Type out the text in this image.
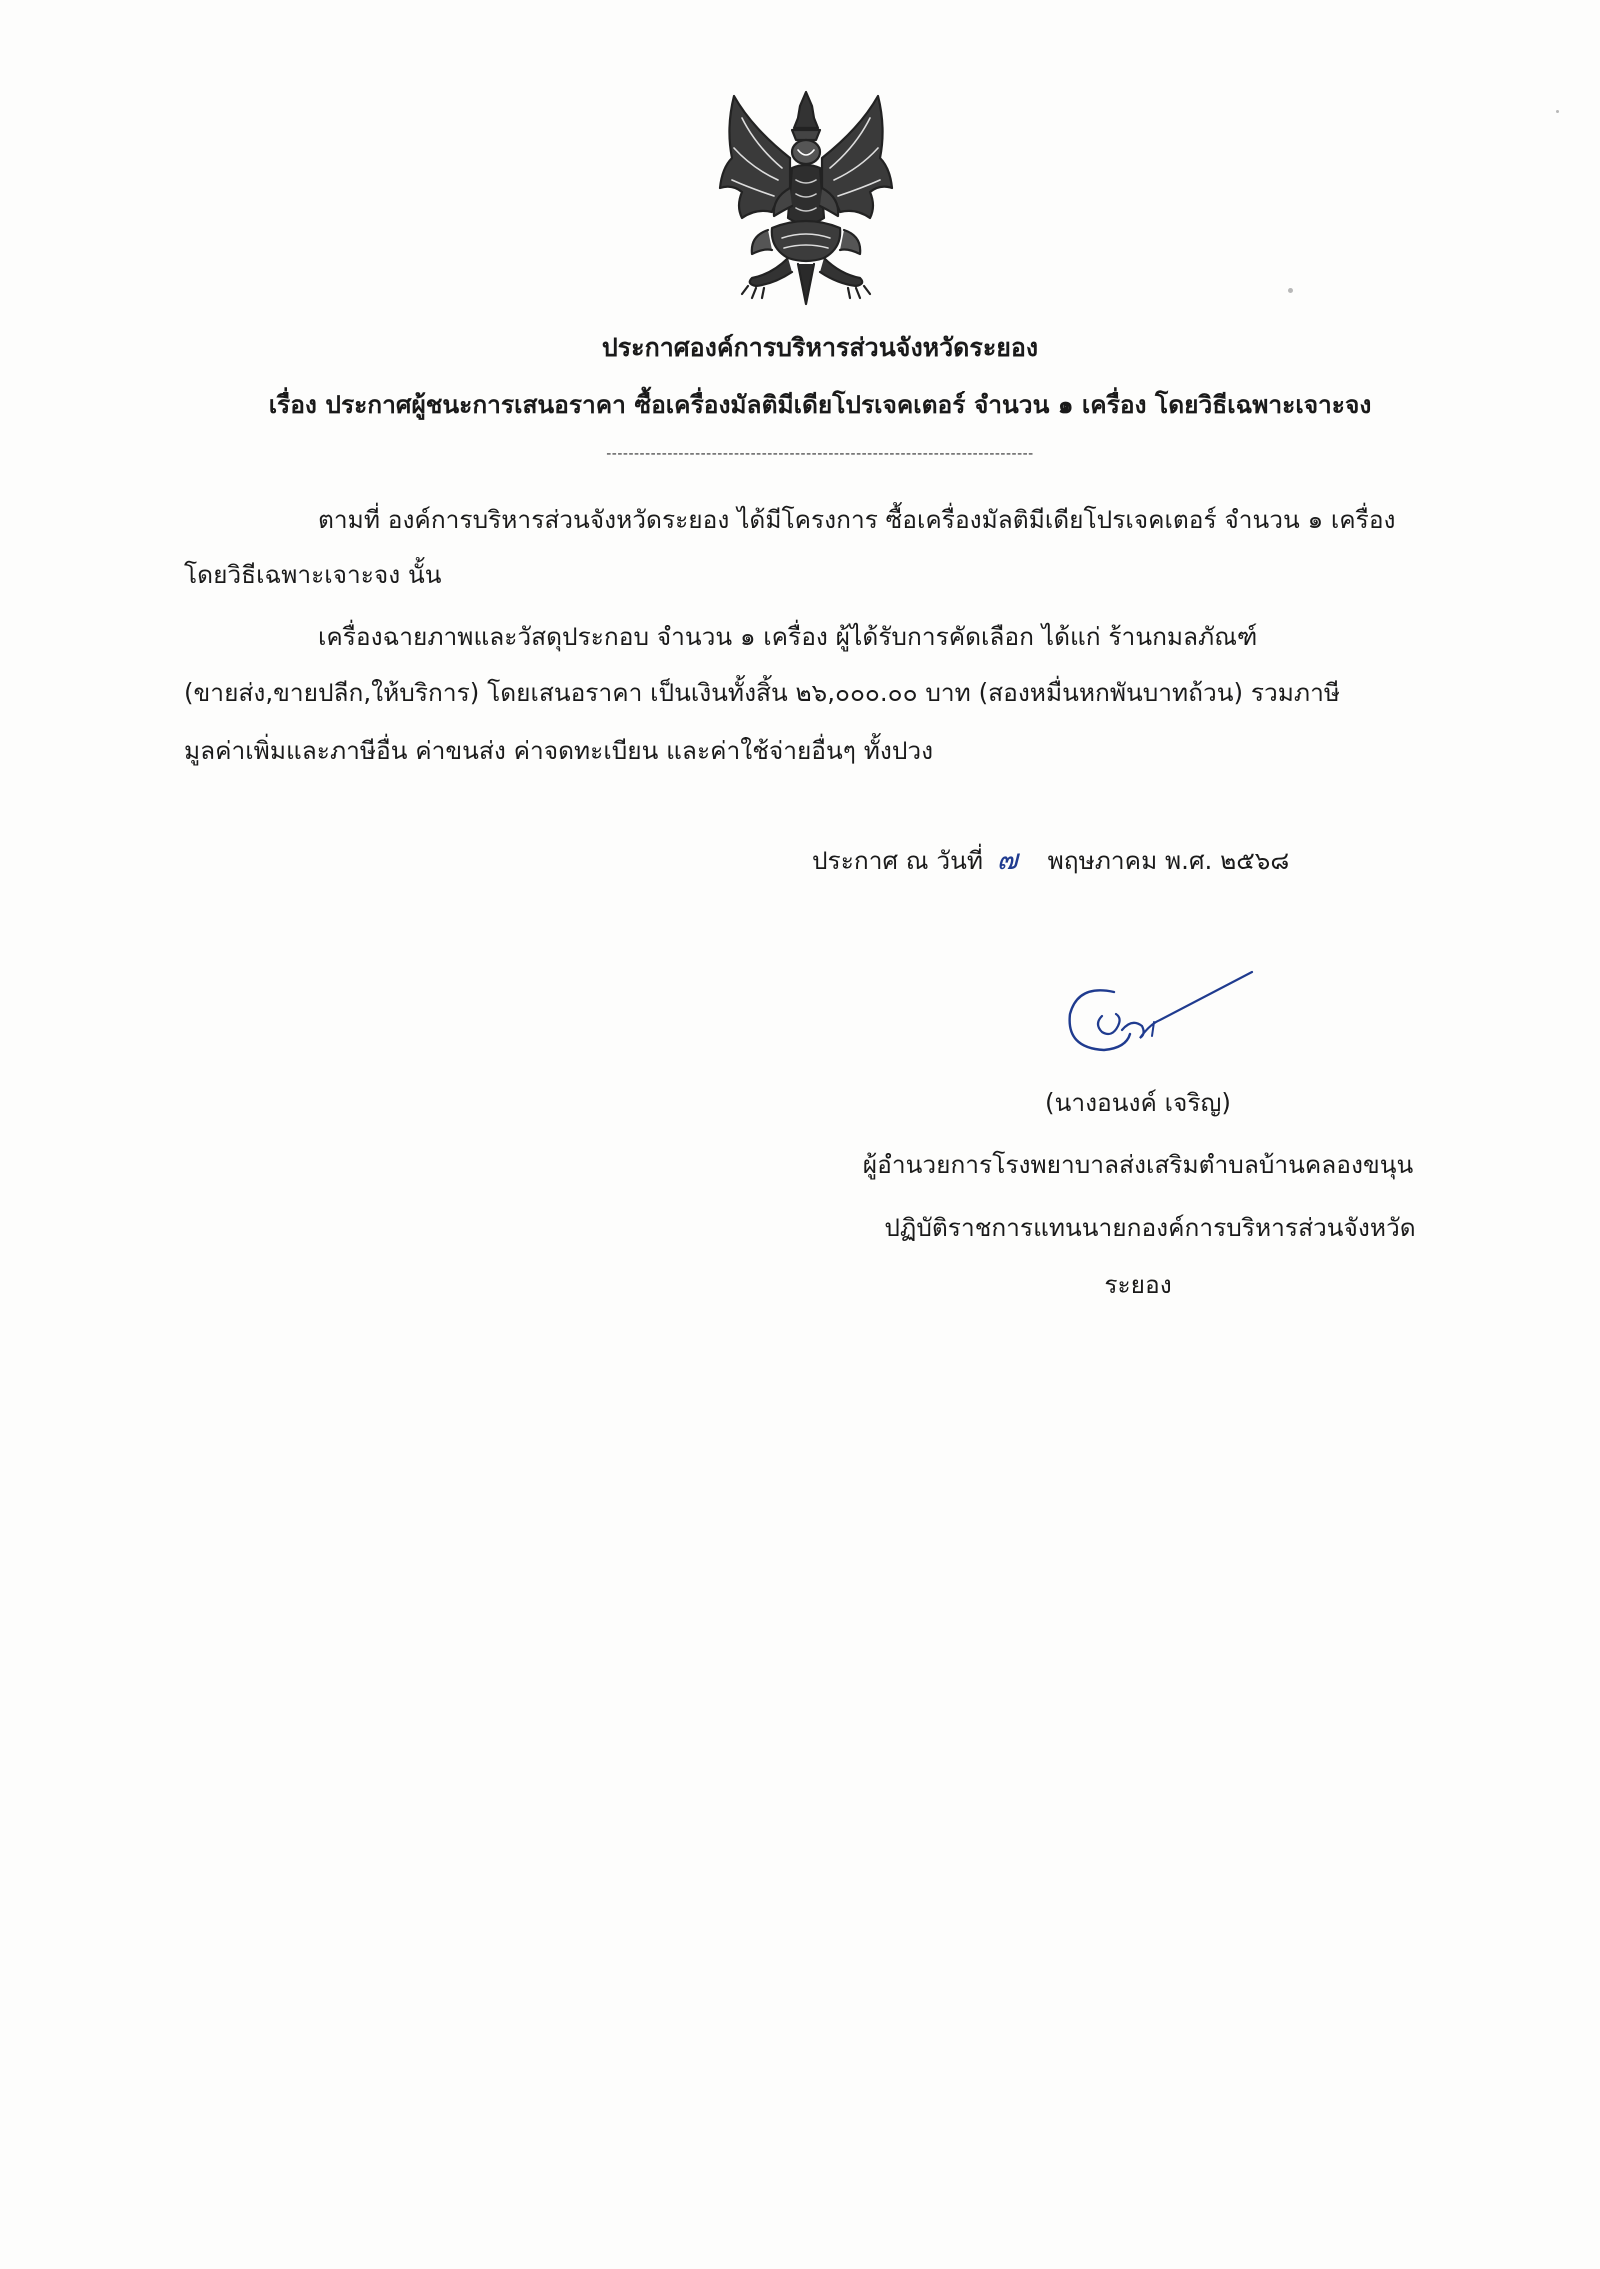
ประกาศองค์การบริหารส่วนจังหวัดระยอง
เรื่อง ประกาศผู้ชนะการเสนอราคา ซื้อเครื่องมัลติมีเดียโปรเจคเตอร์ จำนวน ๑ เครื่อง โดยวิธีเฉพาะเจาะจง
-----------------------------------------------------------------------------
ตามที่ องค์การบริหารส่วนจังหวัดระยอง ได้มีโครงการ ซื้อเครื่องมัลติมีเดียโปรเจคเตอร์ จำนวน ๑ เครื่อง
โดยวิธีเฉพาะเจาะจง นั้น
เครื่องฉายภาพและวัสดุประกอบ จำนวน ๑ เครื่อง ผู้ได้รับการคัดเลือก ได้แก่ ร้านกมลภัณฑ์
(ขายส่ง,ขายปลีก,ให้บริการ) โดยเสนอราคา เป็นเงินทั้งสิ้น ๒๖,๐๐๐.๐๐ บาท (สองหมื่นหกพันบาทถ้วน) รวมภาษี
มูลค่าเพิ่มและภาษีอื่น ค่าขนส่ง ค่าจดทะเบียน และค่าใช้จ่ายอื่นๆ ทั้งปวง
ประกาศ ณ วันที่ ๗ พฤษภาคม พ.ศ. ๒๕๖๘
(นางอนงค์ เจริญ)
ผู้อำนวยการโรงพยาบาลส่งเสริมตำบลบ้านคลองขนุน
ปฏิบัติราชการแทนนายกองค์การบริหารส่วนจังหวัด
ระยอง
